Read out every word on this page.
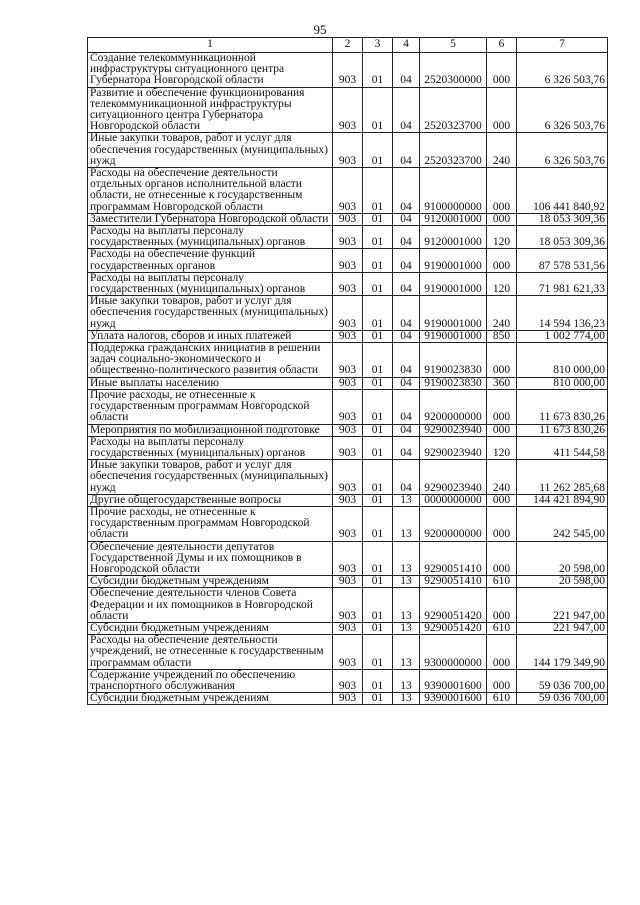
95
1	2	3	4	5	6	7
Создание телекоммуникационной инфраструктуры ситуационного центра Губернатора Новгородской области	903	01	04	2520300000	000	6 326 503,76
Развитие и обеспечение функционирования телекоммуникационной инфраструктуры ситуационного центра Губернатора Новгородской области	903	01	04	2520323700	000	6 326 503,76
Иные закупки товаров, работ и услуг для обеспечения государственных (муниципальных) нужд	903	01	04	2520323700	240	6 326 503,76
Расходы на обеспечение деятельности отдельных органов исполнительной власти области, не отнесенные к государственным программам Новгородской области	903	01	04	9100000000	000	106 441 840,92
Заместители Губернатора Новгородской области	903	01	04	9120001000	000	18 053 309,36
Расходы на выплаты персоналу государственных (муниципальных) органов	903	01	04	9120001000	120	18 053 309,36
Расходы на обеспечение функций государственных органов	903	01	04	9190001000	000	87 578 531,56
Расходы на выплаты персоналу государственных (муниципальных) органов	903	01	04	9190001000	120	71 981 621,33
Иные закупки товаров, работ и услуг для обеспечения государственных (муниципальных) нужд	903	01	04	9190001000	240	14 594 136,23
Уплата налогов, сборов и иных платежей	903	01	04	9190001000	850	1 002 774,00
Поддержка гражданских инициатив в решении задач социально-экономического и общественно-политического развития области	903	01	04	9190023830	000	810 000,00
Иные выплаты населению	903	01	04	9190023830	360	810 000,00
Прочие расходы, не отнесенные к государственным программам Новгородской области	903	01	04	9200000000	000	11 673 830,26
Мероприятия по мобилизационной подготовке	903	01	04	9290023940	000	11 673 830,26
Расходы на выплаты персоналу государственных (муниципальных) органов	903	01	04	9290023940	120	411 544,58
Иные закупки товаров, работ и услуг для обеспечения государственных (муниципальных) нужд	903	01	04	9290023940	240	11 262 285,68
Другие общегосударственные вопросы	903	01	13	0000000000	000	144 421 894,90
Прочие расходы, не отнесенные к государственным программам Новгородской области	903	01	13	9200000000	000	242 545,00
Обеспечение деятельности депутатов Государственной Думы и их помощников в Новгородской области	903	01	13	9290051410	000	20 598,00
Субсидии бюджетным учреждениям	903	01	13	9290051410	610	20 598,00
Обеспечение деятельности членов Совета Федерации и их помощников в Новгородской области	903	01	13	9290051420	000	221 947,00
Субсидии бюджетным учреждениям	903	01	13	9290051420	610	221 947,00
Расходы на обеспечение деятельности учреждений, не отнесенные к государственным программам области	903	01	13	9300000000	000	144 179 349,90
Содержание учреждений по обеспечению транспортного обслуживания	903	01	13	9390001600	000	59 036 700,00
Субсидии бюджетным учреждениям	903	01	13	9390001600	610	59 036 700,00
